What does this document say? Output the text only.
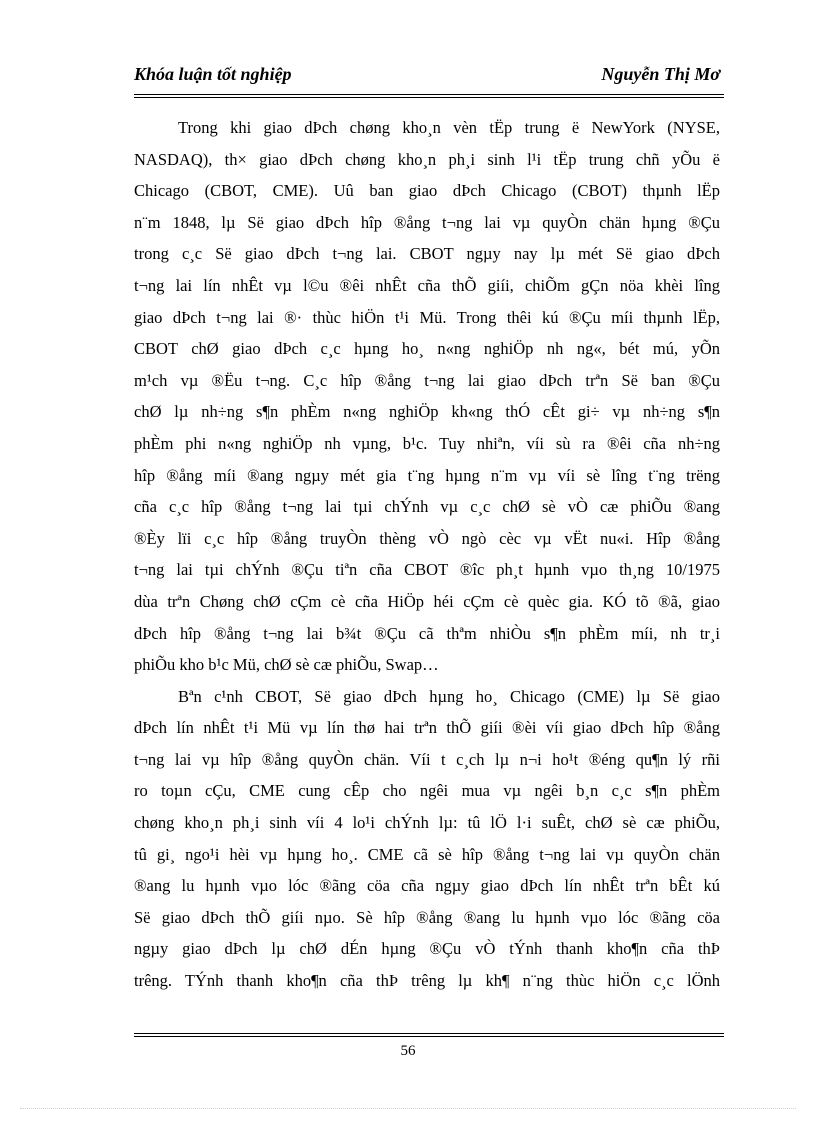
Khóa luận tốt nghiệp	Nguyễn Thị Mơ
Trong khi giao dÞch chøng kho¸n vèn tËp trung ë NewYork (NYSE,
NASDAQ), th× giao dÞch chøng kho¸n ph¸i sinh l¹i tËp trung chñ yÕu ë
Chicago (CBOT, CME). Uû ban giao dÞch Chicago (CBOT) thµnh lËp
n¨m 1848, lµ Së giao dÞch hîp ®ång t¬ng lai vµ quyÒn chän hµng ®Çu
trong c¸c Së giao dÞch t¬ng lai. CBOT ngµy nay lµ mét Së giao dÞch
t¬ng lai lín nhÊt vµ l©u ®êi nhÊt cña thÕ giíi, chiÕm gÇn nöa khèi lîng
giao dÞch t¬ng lai ®· thùc hiÖn t¹i Mü. Trong thêi kú ®Çu míi thµnh lËp,
CBOT chØ giao dÞch c¸c hµng ho¸ n«ng nghiÖp nh ng«, bét mú, yÕn
m¹ch vµ ®Ëu t¬ng. C¸c hîp ®ång t¬ng lai giao dÞch trªn Së ban ®Çu
chØ lµ nh÷ng s¶n phÈm n«ng nghiÖp kh«ng thÓ cÊt gi÷ vµ nh÷ng s¶n
phÈm phi n«ng nghiÖp nh vµng, b¹c. Tuy nhiªn, víi sù ra ®êi cña nh÷ng
hîp ®ång míi ®ang ngµy mét gia t¨ng hµng n¨m vµ víi sè lîng t¨ng trëng
cña c¸c hîp ®ång t¬ng lai tµi chÝnh vµ c¸c chØ sè vÒ cæ phiÕu ®ang
®Èy lïi c¸c hîp ®ång truyÒn thèng vÒ ngò cèc vµ vËt nu«i. Hîp ®ång
t¬ng lai tµi chÝnh ®Çu tiªn cña CBOT ®îc ph¸t hµnh vµo th¸ng 10/1975
dùa trªn Chøng chØ cÇm cè cña HiÖp héi cÇm cè quèc gia. KÓ tõ ®ã, giao
dÞch hîp ®ång t¬ng lai b¾t ®Çu cã thªm nhiÒu s¶n phÈm míi, nh tr¸i
phiÕu kho b¹c Mü, chØ sè cæ phiÕu, Swap…
Bªn c¹nh CBOT, Së giao dÞch hµng ho¸ Chicago (CME) lµ Së giao
dÞch lín nhÊt t¹i Mü vµ lín thø hai trªn thÕ giíi ®èi víi giao dÞch hîp ®ång
t¬ng lai vµ hîp ®ång quyÒn chän. Víi t c¸ch lµ n¬i ho¹t ®éng qu¶n lý rñi
ro toµn cÇu, CME cung cÊp cho ngêi mua vµ ngêi b¸n c¸c s¶n phÈm
chøng kho¸n ph¸i sinh víi 4 lo¹i chÝnh lµ: tû lÖ l·i suÊt, chØ sè cæ phiÕu,
tû gi¸ ngo¹i hèi vµ hµng ho¸. CME cã sè hîp ®ång t¬ng lai vµ quyÒn chän
®ang lu hµnh vµo lóc ®ãng cöa cña ngµy giao dÞch lín nhÊt trªn bÊt kú
Së giao dÞch thÕ giíi nµo. Sè hîp ®ång ®ang lu hµnh vµo lóc ®ãng cöa
ngµy giao dÞch lµ chØ dÉn hµng ®Çu vÒ tÝnh thanh kho¶n cña thÞ
trêng. TÝnh thanh kho¶n cña thÞ trêng lµ kh¶ n¨ng thùc hiÖn c¸c lÖnh
56
